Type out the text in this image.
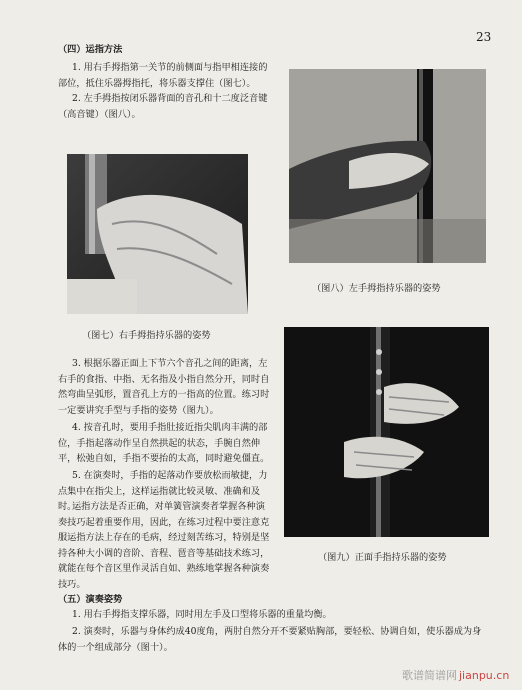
23
（四）运指方法

1. 用右手拇指第一关节的前侧面与指甲相连接的部位，抵住乐器拇指托，将乐器支撑住（图七）。

2. 左手拇指按闭乐器背面的音孔和十二度泛音键（高音键）（图八）。

（图七）右手拇指持乐器的姿势
（图八）左手拇指持乐器的姿势

3. 根据乐器正面上下节六个音孔之间的距离，左右手的食指、中指、无名指及小指自然分开，同时自然弯曲呈弧形，置音孔上方的一指高的位置。练习时一定要讲究手型与手指的姿势（图九）。

4. 按音孔时，要用手指肚接近指尖肌肉丰满的部位，手指起落动作呈自然拱起的状态，手腕自然伸平，松弛自如，手指不要抬的太高，同时避免僵直。

5. 在演奏时，手指的起落动作要放松而敏捷，力点集中在指尖上，这样运指就比较灵敏、准确和及时。

运指方法是否正确，对单簧管演奏者掌握各种演奏技巧起着重要作用，因此，在练习过程中要注意克服运指方法上存在的毛病，经过刻苦练习，特别是坚持各种大小调的音阶、音程、琶音等基础技术练习，就能在每个音区里作灵活自如、熟练地掌握各种演奏技巧。

（图九）正面手指持乐器的姿势
（五）演奏姿势

1. 用右手拇指支撑乐器，同时用左手及口型将乐器的重量均衡。

2. 演奏时，乐器与身体约成40度角，两肘自然分开不要紧贴胸部，要轻松、协调自如，使乐器成为身体的一个组成部分（图十）。

歌谱简谱网 jianpu.cn
